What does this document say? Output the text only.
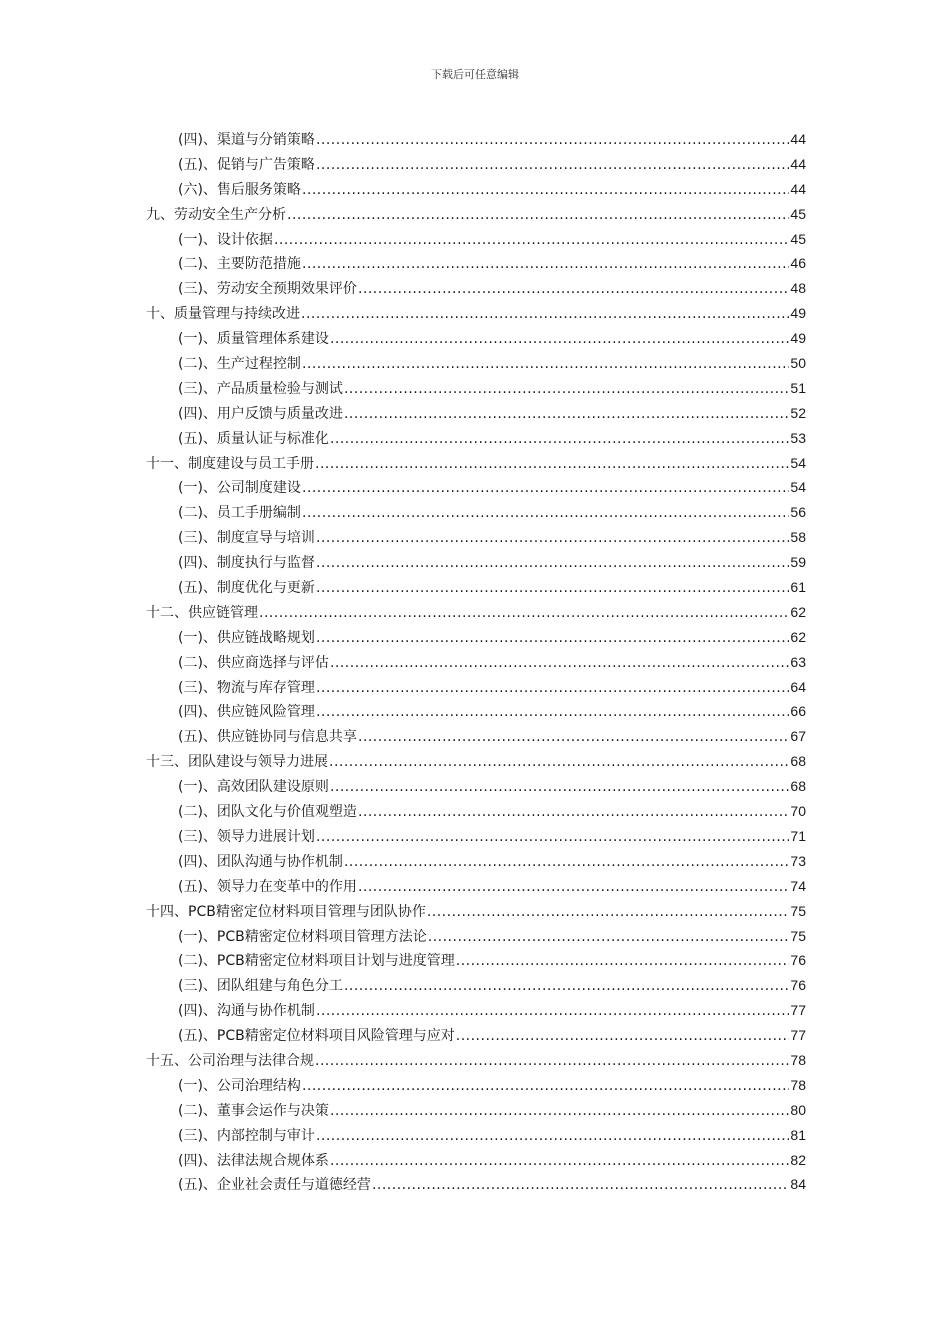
下载后可任意编辑
(四)、渠道与分销策略 .....	44
(五)、促销与广告策略 .....	44
(六)、售后服务策略 .....	44
九、劳动安全生产分析 .....	45
(一)、设计依据 .....	45
(二)、主要防范措施 .....	46
(三)、劳动安全预期效果评价 .....	48
十、质量管理与持续改进 .....	49
(一)、质量管理体系建设 .....	49
(二)、生产过程控制 .....	50
(三)、产品质量检验与测试 .....	51
(四)、用户反馈与质量改进 .....	52
(五)、质量认证与标准化 .....	53
十一、制度建设与员工手册 .....	54
(一)、公司制度建设 .....	54
(二)、员工手册编制 .....	56
(三)、制度宣导与培训 .....	58
(四)、制度执行与监督 .....	59
(五)、制度优化与更新 .....	61
十二、供应链管理 .....	62
(一)、供应链战略规划 .....	62
(二)、供应商选择与评估 .....	63
(三)、物流与库存管理 .....	64
(四)、供应链风险管理 .....	66
(五)、供应链协同与信息共享 .....	67
十三、团队建设与领导力进展 .....	68
(一)、高效团队建设原则 .....	68
(二)、团队文化与价值观塑造 .....	70
(三)、领导力进展计划 .....	71
(四)、团队沟通与协作机制 .....	73
(五)、领导力在变革中的作用 .....	74
十四、PCB精密定位材料项目管理与团队协作 .....	75
(一)、PCB精密定位材料项目管理方法论 .....	75
(二)、PCB精密定位材料项目计划与进度管理 .....	76
(三)、团队组建与角色分工 .....	76
(四)、沟通与协作机制 .....	77
(五)、PCB精密定位材料项目风险管理与应对 .....	77
十五、公司治理与法律合规 .....	78
(一)、公司治理结构 .....	78
(二)、董事会运作与决策 .....	80
(三)、内部控制与审计 .....	81
(四)、法律法规合规体系 .....	82
(五)、企业社会责任与道德经营 .....	84
